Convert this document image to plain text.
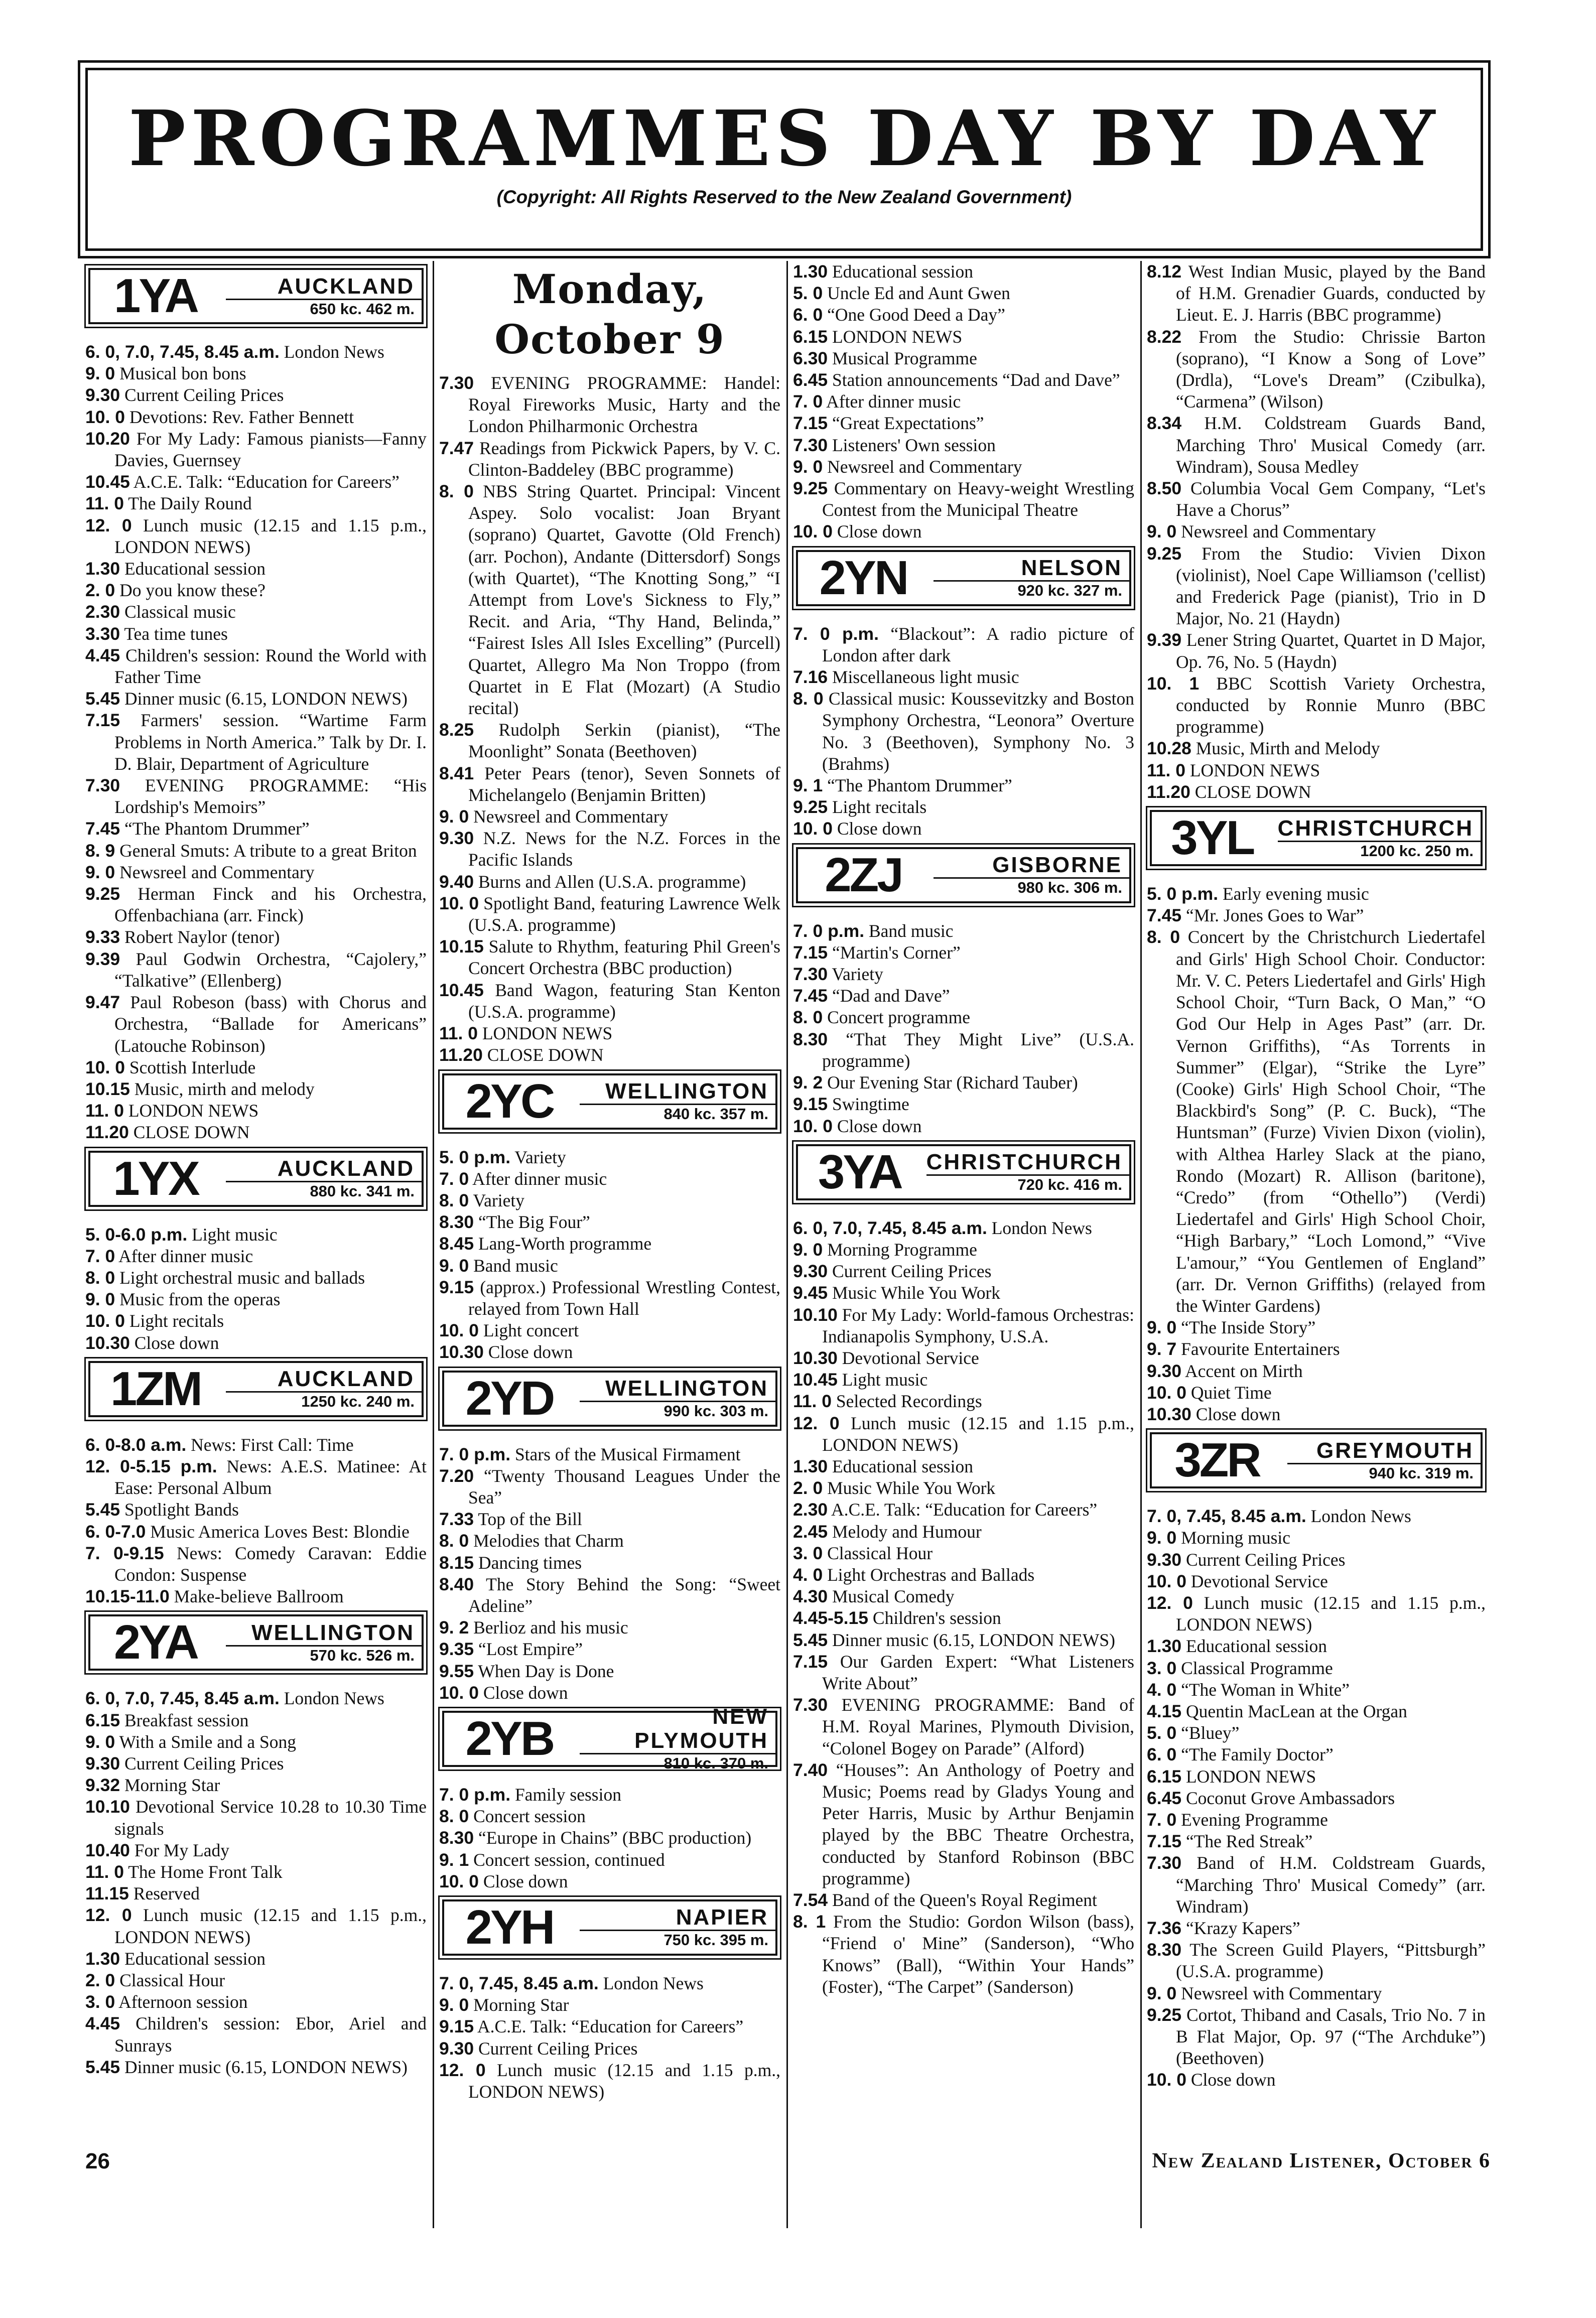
PROGRAMMES DAY BY DAY
(Copyright: All Rights Reserved to the New Zealand Government)
1YA	AUCKLAND
650 kc. 462 m.
6. 0, 7.0, 7.45, 8.45 a.m. London News
9. 0 Musical bon bons
9.30 Current Ceiling Prices
10. 0 Devotions: Rev. Father Bennett
10.20 For My Lady: Famous pianists—Fanny Davies, Guernsey
10.45 A.C.E. Talk: “Education for Careers”
11. 0 The Daily Round
12. 0 Lunch music (12.15 and 1.15 p.m., LONDON NEWS)
1.30 Educational session
2. 0 Do you know these?
2.30 Classical music
3.30 Tea time tunes
4.45 Children's session: Round the World with Father Time
5.45 Dinner music (6.15, LONDON NEWS)
7.15 Farmers' session. “Wartime Farm Problems in North America.” Talk by Dr. I. D. Blair, Department of Agriculture
7.30 EVENING PROGRAMME: “His Lordship's Memoirs”
7.45 “The Phantom Drummer”
8. 9 General Smuts: A tribute to a great Briton
9. 0 Newsreel and Commentary
9.25 Herman Finck and his Orchestra, Offenbachiana (arr. Finck)
9.33 Robert Naylor (tenor)
9.39 Paul Godwin Orchestra, “Cajolery,” “Talkative” (Ellenberg)
9.47 Paul Robeson (bass) with Chorus and Orchestra, “Ballade for Americans” (Latouche Robinson)
10. 0 Scottish Interlude
10.15 Music, mirth and melody
11. 0 LONDON NEWS
11.20 CLOSE DOWN
1YX	AUCKLAND
880 kc. 341 m.
5. 0-6.0 p.m. Light music
7. 0 After dinner music
8. 0 Light orchestral music and ballads
9. 0 Music from the operas
10. 0 Light recitals
10.30 Close down
1ZM	AUCKLAND
1250 kc. 240 m.
6. 0-8.0 a.m. News: First Call: Time
12. 0-5.15 p.m. News: A.E.S. Matinee: At Ease: Personal Album
5.45 Spotlight Bands
6. 0-7.0 Music America Loves Best: Blondie
7. 0-9.15 News: Comedy Caravan: Eddie Condon: Suspense
10.15-11.0 Make-believe Ballroom
2YA	WELLINGTON
570 kc. 526 m.
6. 0, 7.0, 7.45, 8.45 a.m. London News
6.15 Breakfast session
9. 0 With a Smile and a Song
9.30 Current Ceiling Prices
9.32 Morning Star
10.10 Devotional Service 10.28 to 10.30 Time signals
10.40 For My Lady
11. 0 The Home Front Talk
11.15 Reserved
12. 0 Lunch music (12.15 and 1.15 p.m., LONDON NEWS)
1.30 Educational session
2. 0 Classical Hour
3. 0 Afternoon session
4.45 Children's session: Ebor, Ariel and Sunrays
5.45 Dinner music (6.15, LONDON NEWS)
Monday, October 9
7.30 EVENING PROGRAMME: Handel: Royal Fireworks Music, Harty and the London Philharmonic Orchestra
7.47 Readings from Pickwick Papers, by V. C. Clinton-Baddeley (BBC programme)
8. 0 NBS String Quartet. Principal: Vincent Aspey. Solo vocalist: Joan Bryant (soprano) Quartet, Gavotte (Old French) (arr. Pochon), Andante (Dittersdorf) Songs (with Quartet), “The Knotting Song,” “I Attempt from Love's Sickness to Fly,” Recit. and Aria, “Thy Hand, Belinda,” “Fairest Isles All Isles Excelling” (Purcell) Quartet, Allegro Ma Non Troppo (from Quartet in E Flat (Mozart) (A Studio recital)
8.25 Rudolph Serkin (pianist), “The Moonlight” Sonata (Beethoven)
8.41 Peter Pears (tenor), Seven Sonnets of Michelangelo (Benjamin Britten)
9. 0 Newsreel and Commentary
9.30 N.Z. News for the N.Z. Forces in the Pacific Islands
9.40 Burns and Allen (U.S.A. programme)
10. 0 Spotlight Band, featuring Lawrence Welk (U.S.A. programme)
10.15 Salute to Rhythm, featuring Phil Green's Concert Orchestra (BBC production)
10.45 Band Wagon, featuring Stan Kenton (U.S.A. programme)
11. 0 LONDON NEWS
11.20 CLOSE DOWN
2YC	WELLINGTON
840 kc. 357 m.
5. 0 p.m. Variety
7. 0 After dinner music
8. 0 Variety
8.30 “The Big Four”
8.45 Lang-Worth programme
9. 0 Band music
9.15 (approx.) Professional Wrestling Contest, relayed from Town Hall
10. 0 Light concert
10.30 Close down
2YD	WELLINGTON
990 kc. 303 m.
7. 0 p.m. Stars of the Musical Firmament
7.20 “Twenty Thousand Leagues Under the Sea”
7.33 Top of the Bill
8. 0 Melodies that Charm
8.15 Dancing times
8.40 The Story Behind the Song: “Sweet Adeline”
9. 2 Berlioz and his music
9.35 “Lost Empire”
9.55 When Day is Done
10. 0 Close down
2YB	NEW PLYMOUTH
810 kc. 370 m.
7. 0 p.m. Family session
8. 0 Concert session
8.30 “Europe in Chains” (BBC production)
9. 1 Concert session, continued
10. 0 Close down
2YH	NAPIER
750 kc. 395 m.
7. 0, 7.45, 8.45 a.m. London News
9. 0 Morning Star
9.15 A.C.E. Talk: “Education for Careers”
9.30 Current Ceiling Prices
12. 0 Lunch music (12.15 and 1.15 p.m., LONDON NEWS)
1.30 Educational session
5. 0 Uncle Ed and Aunt Gwen
6. 0 “One Good Deed a Day”
6.15 LONDON NEWS
6.30 Musical Programme
6.45 Station announcements “Dad and Dave”
7. 0 After dinner music
7.15 “Great Expectations”
7.30 Listeners' Own session
9. 0 Newsreel and Commentary
9.25 Commentary on Heavy-weight Wrestling Contest from the Municipal Theatre
10. 0 Close down
2YN	NELSON
920 kc. 327 m.
7. 0 p.m. “Blackout”: A radio picture of London after dark
7.16 Miscellaneous light music
8. 0 Classical music: Koussevitzky and Boston Symphony Orchestra, “Leonora” Overture No. 3 (Beethoven), Symphony No. 3 (Brahms)
9. 1 “The Phantom Drummer”
9.25 Light recitals
10. 0 Close down
2ZJ	GISBORNE
980 kc. 306 m.
7. 0 p.m. Band music
7.15 “Martin's Corner”
7.30 Variety
7.45 “Dad and Dave”
8. 0 Concert programme
8.30 “That They Might Live” (U.S.A. programme)
9. 2 Our Evening Star (Richard Tauber)
9.15 Swingtime
10. 0 Close down
3YA	CHRISTCHURCH
720 kc. 416 m.
6. 0, 7.0, 7.45, 8.45 a.m. London News
9. 0 Morning Programme
9.30 Current Ceiling Prices
9.45 Music While You Work
10.10 For My Lady: World-famous Orchestras: Indianapolis Symphony, U.S.A.
10.30 Devotional Service
10.45 Light music
11. 0 Selected Recordings
12. 0 Lunch music (12.15 and 1.15 p.m., LONDON NEWS)
1.30 Educational session
2. 0 Music While You Work
2.30 A.C.E. Talk: “Education for Careers”
2.45 Melody and Humour
3. 0 Classical Hour
4. 0 Light Orchestras and Ballads
4.30 Musical Comedy
4.45-5.15 Children's session
5.45 Dinner music (6.15, LONDON NEWS)
7.15 Our Garden Expert: “What Listeners Write About”
7.30 EVENING PROGRAMME: Band of H.M. Royal Marines, Plymouth Division, “Colonel Bogey on Parade” (Alford)
7.40 “Houses”: An Anthology of Poetry and Music; Poems read by Gladys Young and Peter Harris, Music by Arthur Benjamin played by the BBC Theatre Orchestra, conducted by Stanford Robinson (BBC programme)
7.54 Band of the Queen's Royal Regiment
8. 1 From the Studio: Gordon Wilson (bass), “Friend o' Mine” (Sanderson), “Who Knows” (Ball), “Within Your Hands” (Foster), “The Carpet” (Sanderson)
8.12 West Indian Music, played by the Band of H.M. Grenadier Guards, conducted by Lieut. E. J. Harris (BBC programme)
8.22 From the Studio: Chrissie Barton (soprano), “I Know a Song of Love” (Drdla), “Love's Dream” (Czibulka), “Carmena” (Wilson)
8.34 H.M. Coldstream Guards Band, Marching Thro' Musical Comedy (arr. Windram), Sousa Medley
8.50 Columbia Vocal Gem Company, “Let's Have a Chorus”
9. 0 Newsreel and Commentary
9.25 From the Studio: Vivien Dixon (violinist), Noel Cape Williamson ('cellist) and Frederick Page (pianist), Trio in D Major, No. 21 (Haydn)
9.39 Lener String Quartet, Quartet in D Major, Op. 76, No. 5 (Haydn)
10. 1 BBC Scottish Variety Orchestra, conducted by Ronnie Munro (BBC programme)
10.28 Music, Mirth and Melody
11. 0 LONDON NEWS
11.20 CLOSE DOWN
3YL	CHRISTCHURCH
1200 kc. 250 m.
5. 0 p.m. Early evening music
7.45 “Mr. Jones Goes to War”
8. 0 Concert by the Christchurch Liedertafel and Girls' High School Choir. Conductor: Mr. V. C. Peters Liedertafel and Girls' High School Choir, “Turn Back, O Man,” “O God Our Help in Ages Past” (arr. Dr. Vernon Griffiths), “As Torrents in Summer” (Elgar), “Strike the Lyre” (Cooke) Girls' High School Choir, “The Blackbird's Song” (P. C. Buck), “The Huntsman” (Furze) Vivien Dixon (violin), with Althea Harley Slack at the piano, Rondo (Mozart) R. Allison (baritone), “Credo” (from “Othello”) (Verdi) Liedertafel and Girls' High School Choir, “High Barbary,” “Loch Lomond,” “Vive L'amour,” “You Gentlemen of England” (arr. Dr. Vernon Griffiths) (relayed from the Winter Gardens)
9. 0 “The Inside Story”
9. 7 Favourite Entertainers
9.30 Accent on Mirth
10. 0 Quiet Time
10.30 Close down
3ZR	GREYMOUTH
940 kc. 319 m.
7. 0, 7.45, 8.45 a.m. London News
9. 0 Morning music
9.30 Current Ceiling Prices
10. 0 Devotional Service
12. 0 Lunch music (12.15 and 1.15 p.m., LONDON NEWS)
1.30 Educational session
3. 0 Classical Programme
4. 0 “The Woman in White”
4.15 Quentin MacLean at the Organ
5. 0 “Bluey”
6. 0 “The Family Doctor”
6.15 LONDON NEWS
6.45 Coconut Grove Ambassadors
7. 0 Evening Programme
7.15 “The Red Streak”
7.30 Band of H.M. Coldstream Guards, “Marching Thro' Musical Comedy” (arr. Windram)
7.36 “Krazy Kapers”
8.30 The Screen Guild Players, “Pittsburgh” (U.S.A. programme)
9. 0 Newsreel with Commentary
9.25 Cortot, Thiband and Casals, Trio No. 7 in B Flat Major, Op. 97 (“The Archduke”) (Beethoven)
10. 0 Close down
26	New Zealand Listener, October 6
